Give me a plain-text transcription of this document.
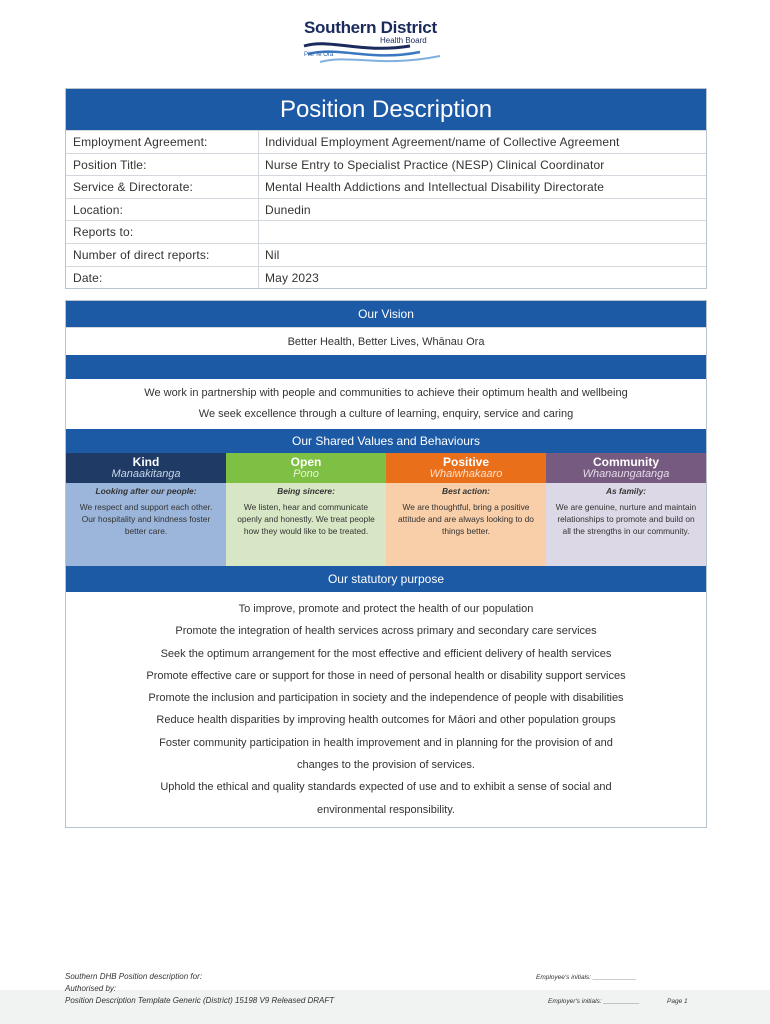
Southern District
Health Board
Piki Te Ora
Position Description
Employment Agreement:	Individual Employment Agreement/name of Collective Agreement
Position Title:	Nurse Entry to Specialist Practice (NESP) Clinical Coordinator
Service & Directorate:	Mental Health Addictions and Intellectual Disability Directorate
Location:	Dunedin
Reports to:
Number of direct reports:	Nil
Date:	May 2023
Our Vision
Better Health, Better Lives, Whānau Ora
We work in partnership with people and communities to achieve their optimum health and wellbeing
We seek excellence through a culture of learning, enquiry, service and caring
Our Shared Values and Behaviours
Kind
Manaakitanga
Looking after our people:
We respect and support each other. Our hospitality and kindness foster better care.
Open
Pono
Being sincere:
We listen, hear and communicate openly and honestly. We treat people how they would like to be treated.
Positive
Whaiwhakaaro
Best action:
We are thoughtful, bring a positive attitude and are always looking to do things better.
Community
Whanaungatanga
As family:
We are genuine, nurture and maintain relationships to promote and build on all the strengths in our community.
Our statutory purpose
To improve, promote and protect the health of our population
Promote the integration of health services across primary and secondary care services
Seek the optimum arrangement for the most effective and efficient delivery of health services
Promote effective care or support for those in need of personal health or disability support services
Promote the inclusion and participation in society and the independence of people with disabilities
Reduce health disparities by improving health outcomes for Māori and other population groups
Foster community participation in health improvement and in planning for the provision of and
changes to the provision of services.
Uphold the ethical and quality standards expected of use and to exhibit a sense of social and
environmental responsibility.
Southern DHB Position description for:
Authorised by:
Position Description Template Generic (District) 15198 V9 Released DRAFT
Employee's initials: ____________
Employer's initials: __________	Page 1
